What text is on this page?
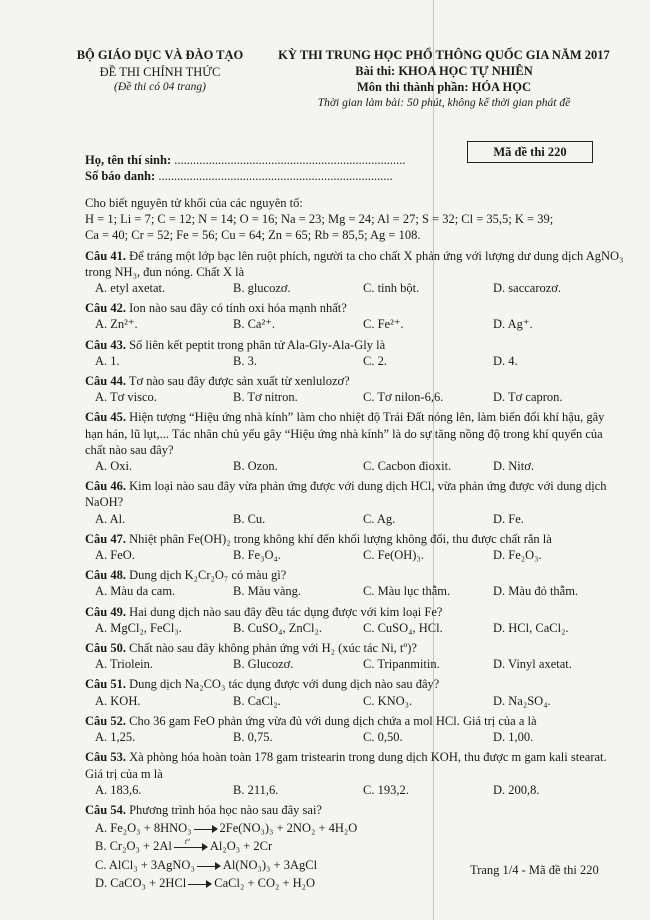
BỘ GIÁO DỤC VÀ ĐÀO TẠO
ĐỀ THI CHÍNH THỨC
(Đề thi có 04 trang)
KỲ THI TRUNG HỌC PHỔ THÔNG QUỐC GIA NĂM 2017
Bài thi: KHOA HỌC TỰ NHIÊN
Môn thi thành phần: HÓA HỌC
Thời gian làm bài: 50 phút, không kể thời gian phát đề
Mã đề thi 220
Họ, tên thí sinh: ..........................................................................
Số báo danh: ...........................................................................

Cho biết nguyên tử khối của các nguyên tố:

H = 1; Li = 7; C = 12; N = 14; O = 16; Na = 23; Mg = 24; Al = 27; S = 32; Cl = 35,5; K = 39;

Ca = 40; Cr = 52; Fe = 56; Cu = 64; Zn = 65; Rb = 85,5; Ag = 108.

Câu 41. Để tráng một lớp bạc lên ruột phích, người ta cho chất X phản ứng với lượng dư dung dịch AgNO₃ trong NH₃, đun nóng. Chất X là
A. etyl axetat.	B. glucozơ.	C. tinh bột.	D. saccarozơ.
Câu 42. Ion nào sau đây có tính oxi hóa mạnh nhất?
A. Zn²⁺.	B. Ca²⁺.	C. Fe²⁺.	D. Ag⁺.
Câu 43. Số liên kết peptit trong phân tử Ala-Gly-Ala-Gly là
A. 1.	B. 3.	C. 2.	D. 4.
Câu 44. Tơ nào sau đây được sản xuất từ xenlulozơ?
A. Tơ visco.	B. Tơ nitron.	C. Tơ nilon-6,6.	D. Tơ capron.
Câu 45. Hiện tượng “Hiệu ứng nhà kính” làm cho nhiệt độ Trái Đất nóng lên, làm biến đổi khí hậu, gây hạn hán, lũ lụt,... Tác nhân chủ yếu gây “Hiệu ứng nhà kính” là do sự tăng nồng độ trong khí quyển của chất nào sau đây?
A. Oxi.	B. Ozon.	C. Cacbon đioxit.	D. Nitơ.
Câu 46. Kim loại nào sau đây vừa phản ứng được với dung dịch HCl, vừa phản ứng được với dung dịch NaOH?
A. Al.	B. Cu.	C. Ag.	D. Fe.
Câu 47. Nhiệt phân Fe(OH)₂ trong không khí đến khối lượng không đổi, thu được chất rắn là
A. FeO.	B. Fe₃O₄.	C. Fe(OH)₃.	D. Fe₂O₃.
Câu 48. Dung dịch K₂Cr₂O₇ có màu gì?
A. Màu da cam.	B. Màu vàng.	C. Màu lục thẫm.	D. Màu đỏ thẫm.
Câu 49. Hai dung dịch nào sau đây đều tác dụng được với kim loại Fe?
A. MgCl₂, FeCl₃.	B. CuSO₄, ZnCl₂.	C. CuSO₄, HCl.	D. HCl, CaCl₂.
Câu 50. Chất nào sau đây không phản ứng với H₂ (xúc tác Ni, tº)?
A. Triolein.	B. Glucozơ.	C. Tripanmitin.	D. Vinyl axetat.
Câu 51. Dung dịch Na₂CO₃ tác dụng được với dung dịch nào sau đây?
A. KOH.	B. CaCl₂.	C. KNO₃.	D. Na₂SO₄.
Câu 52. Cho 36 gam FeO phản ứng vừa đủ với dung dịch chứa a mol HCl. Giá trị của a là
A. 1,25.	B. 0,75.	C. 0,50.	D. 1,00.
Câu 53. Xà phòng hóa hoàn toàn 178 gam tristearin trong dung dịch KOH, thu được m gam kali stearat. Giá trị của m là
A. 183,6.	B. 211,6.	C. 193,2.	D. 200,8.
Câu 54. Phương trình hóa học nào sau đây sai?
A. Fe₂O₃ + 8HNO₃ 2Fe(NO₃)₃ + 2NO₂ + 4H₂O
B. Cr₂O₃ + 2Al tº Al₂O₃ + 2Cr
C. AlCl₃ + 3AgNO₃ Al(NO₃)₃ + 3AgCl
D. CaCO₃ + 2HCl CaCl₂ + CO₂ + H₂O
Trang 1/4 - Mã đề thi 220
